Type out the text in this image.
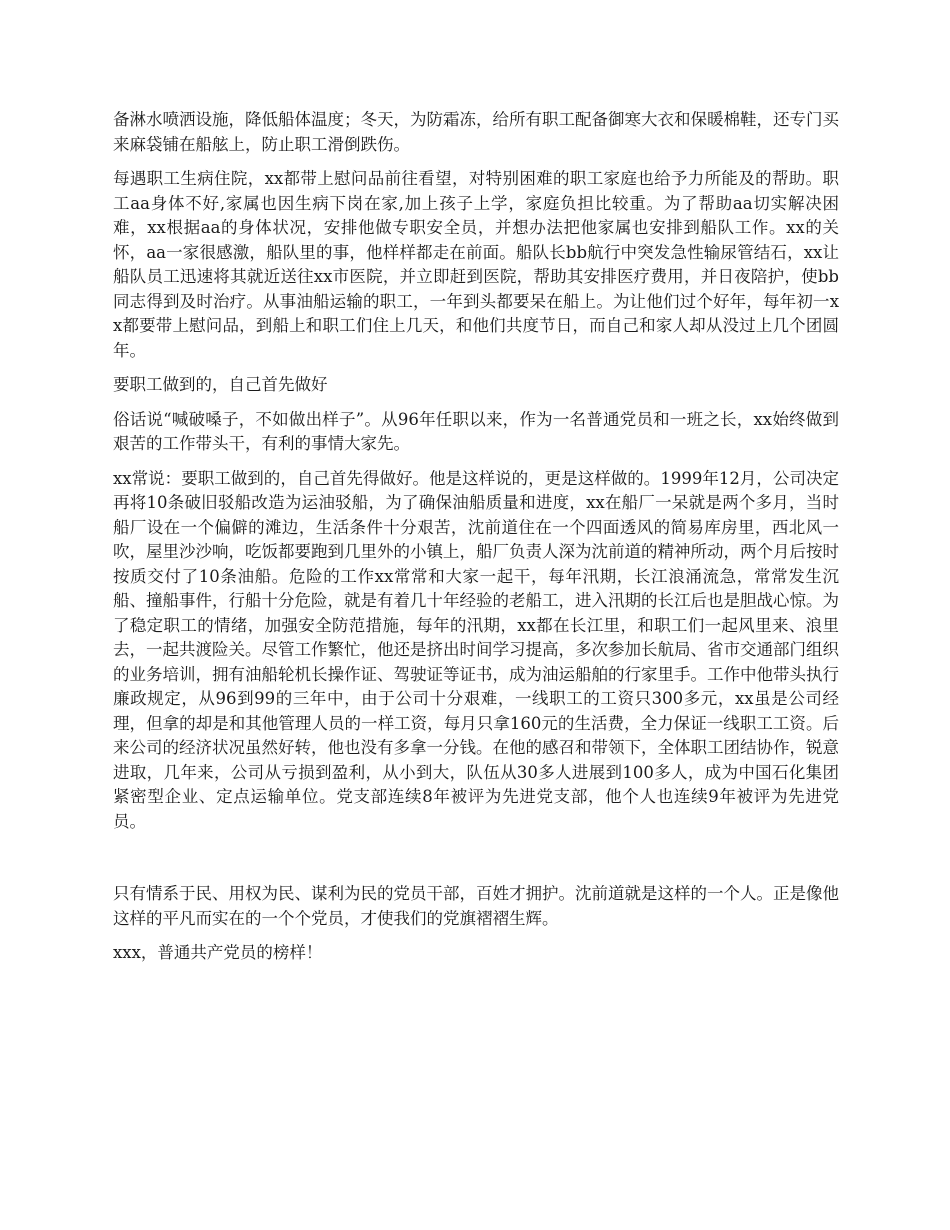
备淋水喷洒设施，降低船体温度；冬天，为防霜冻，给所有职工配备御寒大衣和保暖棉鞋，还专门买来麻袋铺在船舷上，防止职工滑倒跌伤。

每遇职工生病住院，xx都带上慰问品前往看望，对特别困难的职工家庭也给予力所能及的帮助。职工aa身体不好,家属也因生病下岗在家,加上孩子上学，家庭负担比较重。为了帮助aa切实解决困难，xx根据aa的身体状况，安排他做专职安全员，并想办法把他家属也安排到船队工作。xx的关怀，aa一家很感激，船队里的事，他样样都走在前面。船队长bb航行中突发急性输尿管结石，xx让船队员工迅速将其就近送往xx市医院，并立即赶到医院，帮助其安排医疗费用，并日夜陪护，使bb同志得到及时治疗。从事油船运输的职工，一年到头都要呆在船上。为让他们过个好年，每年初一xx都要带上慰问品，到船上和职工们住上几天，和他们共度节日，而自己和家人却从没过上几个团圆年。

要职工做到的，自己首先做好

俗话说“喊破嗓子，不如做出样子”。从96年任职以来，作为一名普通党员和一班之长，xx始终做到艰苦的工作带头干，有利的事情大家先。

xx常说：要职工做到的，自己首先得做好。他是这样说的，更是这样做的。1999年12月，公司决定再将10条破旧驳船改造为运油驳船，为了确保油船质量和进度，xx在船厂一呆就是两个多月，当时船厂设在一个偏僻的滩边，生活条件十分艰苦，沈前道住在一个四面透风的简易库房里，西北风一吹，屋里沙沙响，吃饭都要跑到几里外的小镇上，船厂负责人深为沈前道的精神所动，两个月后按时按质交付了10条油船。危险的工作xx常常和大家一起干，每年汛期，长江浪涌流急，常常发生沉船、撞船事件，行船十分危险，就是有着几十年经验的老船工，进入汛期的长江后也是胆战心惊。为了稳定职工的情绪，加强安全防范措施，每年的汛期，xx都在长江里，和职工们一起风里来、浪里去，一起共渡险关。尽管工作繁忙，他还是挤出时间学习提高，多次参加长航局、省市交通部门组织的业务培训，拥有油船轮机长操作证、驾驶证等证书，成为油运船舶的行家里手。工作中他带头执行廉政规定，从96到99的三年中，由于公司十分艰难，一线职工的工资只300多元，xx虽是公司经理，但拿的却是和其他管理人员的一样工资，每月只拿160元的生活费，全力保证一线职工工资。后来公司的经济状况虽然好转，他也没有多拿一分钱。在他的感召和带领下，全体职工团结协作，锐意进取，几年来，公司从亏损到盈利，从小到大，队伍从30多人进展到100多人，成为中国石化集团紧密型企业、定点运输单位。党支部连续8年被评为先进党支部，他个人也连续9年被评为先进党员。

只有情系于民、用权为民、谋利为民的党员干部，百姓才拥护。沈前道就是这样的一个人。正是像他这样的平凡而实在的一个个党员，才使我们的党旗褶褶生辉。

xxx，普通共产党员的榜样！
